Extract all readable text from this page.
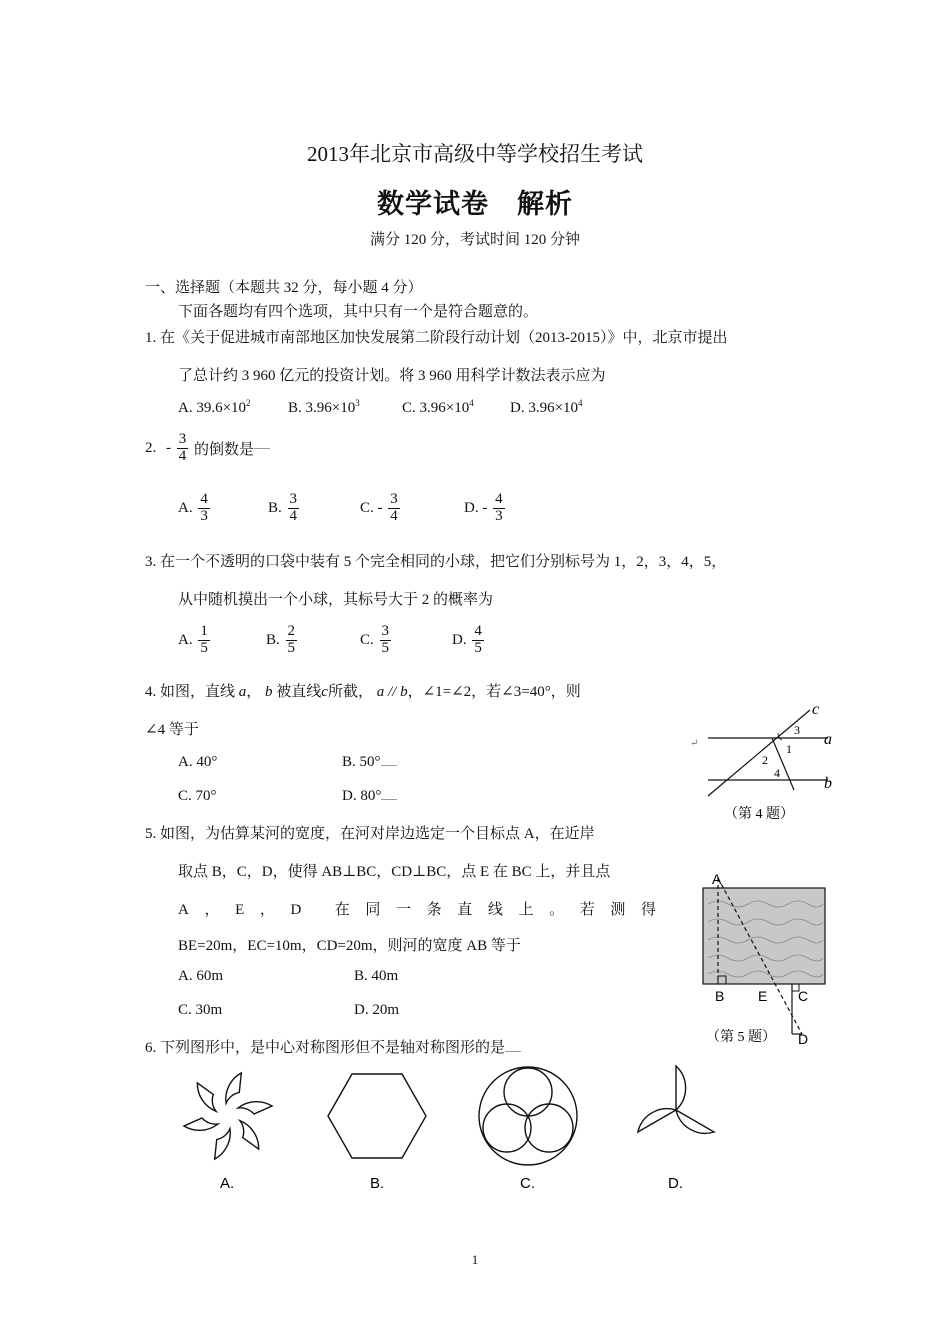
2013年北京市高级中等学校招生考试
数学试卷　解析
满分 120 分，考试时间 120 分钟
一、选择题（本题共 32 分，每小题 4 分）
下面各题均有四个选项，其中只有一个是符合题意的。
1. 在《关于促进城市南部地区加快发展第二阶段行动计划（2013-2015）》中，北京市提出
了总计约 3 960 亿元的投资计划。将 3 960 用科学计数法表示应为
A. $39.6\times 10^2$ B. $3.96\times 10^3$	C. $3.96\times 10^4$ D. $3.96\times 10^4$
2. - $\frac{3}{4}$ 的倒数是
A. $\frac{4}{3}$	B. $\frac{3}{4}$	C. - $\frac{3}{4}$	D. - $\frac{4}{3}$
3. 在一个不透明的口袋中装有 5 个完全相同的小球，把它们分别标号为 1，2，3，4，5，
从中随机摸出一个小球，其标号大于 2 的概率为
A. $\frac{1}{5}$	B. $\frac{2}{5}$	C. $\frac{3}{5}$	D. $\frac{4}{5}$
4. 如图，直线 a， b 被直线c所截， a // b，∠1=∠2，若∠3=40°，则
∠4 等于
A. 40°	B. 50°
C. 70°	D. 80°
↵
c
a
b
3
1
2
4
（第 4 题）
5. 如图，为估算某河的宽度，在河对岸边选定一个目标点 A，在近岸
取点 B，C，D，使得 AB⊥BC，CD⊥BC，点 E 在 BC 上，并且点
A，E，D 在同一条直线上。若测得
BE=20m，EC=10m，CD=20m，则河的宽度 AB 等于
A. 60m	B. 40m
C. 30m	D. 20m
A
B E C
D
（第 5 题）
6. 下列图形中，是中心对称图形但不是轴对称图形的是
A.	B.	C.	D.
1
